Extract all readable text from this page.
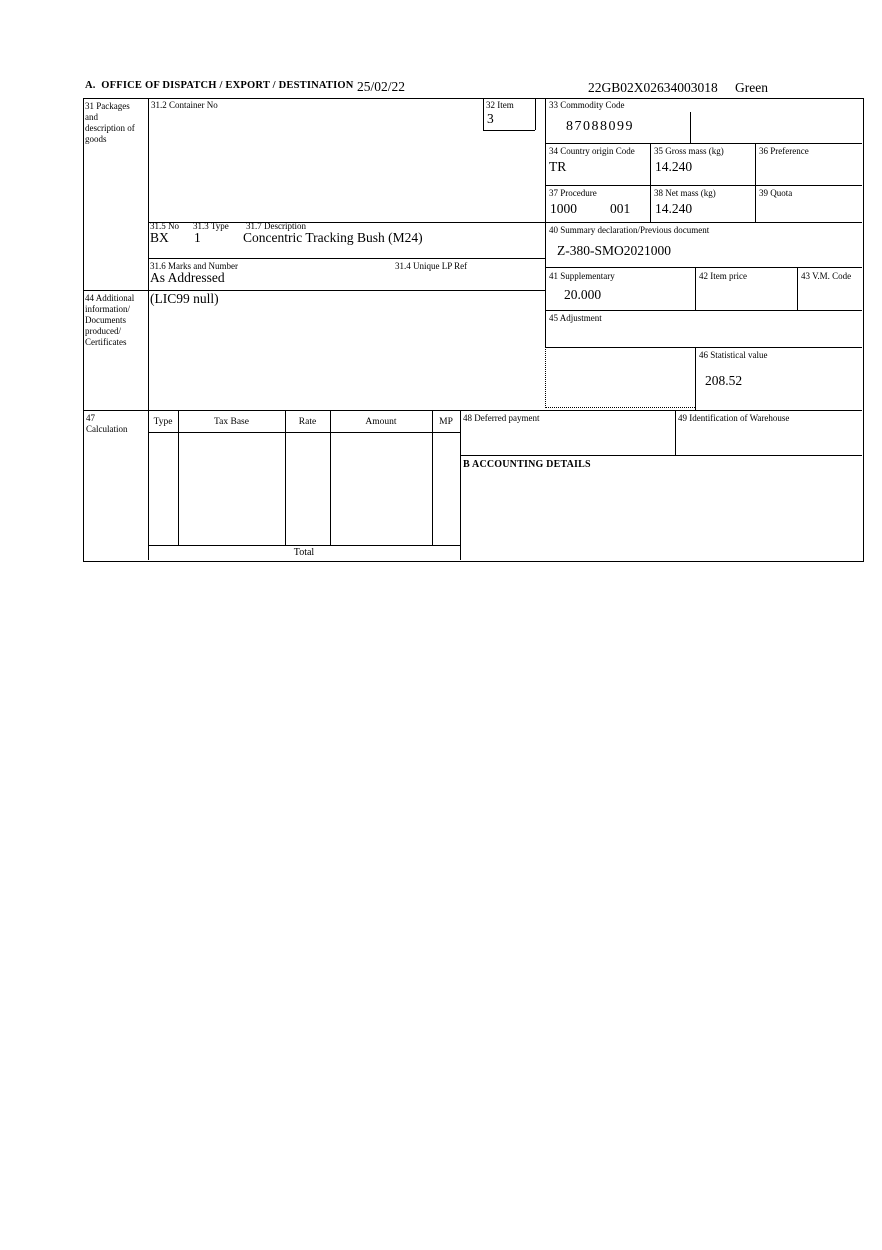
A.  OFFICE OF DISPATCH / EXPORT / DESTINATION 25/02/22	22GB02X02634003018 Green
31 Packages and description of goods
44 Additional information/ Documents produced/ Certificates
47 Calculation
31.2 Container No
31.5 No 31.3 Type 31.7 Description
BX 1	Concentric Tracking Bush (M24)
31.6 Marks and Number	31.4 Unique LP Ref
As Addressed
32 Item
3
33 Commodity Code
87088099
34 Country origin Code
TR
35 Gross mass (kg)
14.240
36 Preference
37 Procedure
1000 001
38 Net mass (kg)
14.240
39 Quota
40 Summary declaration/Previous document
Z-380-SMO2021000
41 Supplementary
20.000
42 Item price	43 V.M. Code
(LIC99 null)
45 Adjustment
46 Statistical value
208.52
Type	Tax Base	Rate	Amount	MP
Total
48 Deferred payment	49 Identification of Warehouse
B ACCOUNTING DETAILS
